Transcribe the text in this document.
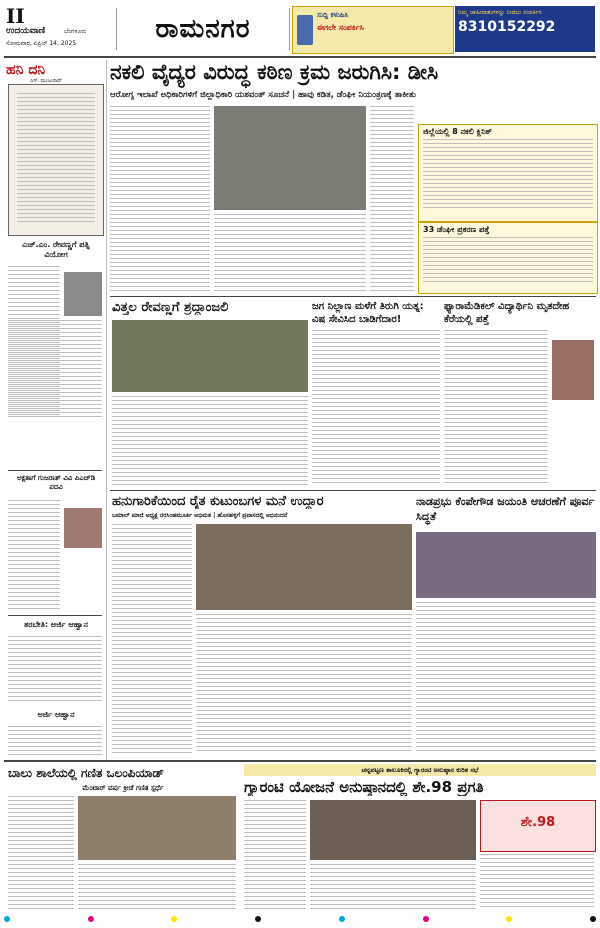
II
ಉದಯವಾಣಿ	ಬೆಂಗಳೂರು
ಸೋಮವಾರ, ಏಪ್ರಿಲ್ 14, 2025	ರಾಮನಗರ	ಸುದ್ದಿ ಕಳುಹಿಸಿ
ಈಗಲೇ ಸಂಪರ್ಕಿಸಿ
ನಿಮ್ಮ ಜಾಹೀರಾತುಗಳನ್ನು ನೀಡಲು ಸಂಪರ್ಕಿಸಿ
8310152292
ಹನಿ ದನಿ
ಎಸ್. ಮಂಜುನಾಥ್
ಎಚ್.ಎಂ. ರೇವಣ್ಣಗೆ ಪತ್ನಿ ವಿಯೋಗ
ಅಕ್ಷತಾಗೆ ಗುಜರಾತ್ ವಿವಿ ಪಿಎಚ್‌ಡಿ ಪದವಿ
ತರಬೇತಿ: ಅರ್ಜಿ ಆಹ್ವಾನ
ಅರ್ಜಿ ಆಹ್ವಾನ
ನಕಲಿ ವೈದ್ಯರ ವಿರುದ್ಧ ಕಠಿಣ ಕ್ರಮ ಜರುಗಿಸಿ: ಡೀಸಿ
ಆರೋಗ್ಯ ಇಲಾಖೆ ಅಧಿಕಾರಿಗಳಿಗೆ ಜಿಲ್ಲಾಧಿಕಾರಿ ಯಶವಂತ್ ಸೂಚನೆ | ಹಾವು ಕಡಿತ, ಡೆಂಘೀ ನಿಯಂತ್ರಣಕ್ಕೆ ತಾಕೀತು
ಜಿಲ್ಲೆಯಲ್ಲಿ 8 ನಕಲಿ ಕ್ಲಿನಿಕ್
33 ಡೆಂಘೀ ಪ್ರಕರಣ ಪತ್ತೆ
ವಿತ್ತಲ ರೇವಣ್ಣಗೆ ಶ್ರದ್ಧಾಂಜಲಿ	ಜಗ ನಿಲ್ಲಾಣ ಮಳೆಗೆ ತಿರುಗಿ ಯತ್ನ: ವಿಷ ಸೇವಿಸಿದ ಬಾಡಿಗೆದಾರ!
ಫ್ಯಾರಾಮೆಡಿಕಲ್ ವಿದ್ಯಾರ್ಥಿನಿ ಮೃತದೇಹ ಕೆರೆಯಲ್ಲಿ ಪತ್ತೆ
ಹನುಗಾರಿಕೆಯಿಂದ ರೈತ ಕುಟುಂಬಗಳ ಮನೆ ಉದ್ದಾರ
ಬಮಾಲ್ ಮಾಜಿ ಅಧ್ಯಕ್ಷ ನರಸಿಂಹಮೂರ್ತಿ ಅಭಿಮತ | ಹೊಸಹಳ್ಳಿಗೆ ಪ್ರವಾಸದಲ್ಲಿ ಅಭಿನಂದನೆ
ನಾಡಪ್ರಭು ಕೆಂಪೇಗೌಡ ಜಯಂತಿ ಆಚರಣೆಗೆ ಪೂರ್ವ ಸಿದ್ಧತೆ
ಬಾಲು ಶಾಲೆಯಲ್ಲಿ ಗಣಿತ ಒಲಂಪಿಯಾಡ್
ಮೆಂಟಾರ್ ವರ್ಷ ಕ್ರೀಡೆ ಗಣಿತ ಸ್ಪರ್ಧೆ
ಚನ್ನಪಟ್ಟಣ ತಾಲೂಕಿನಲ್ಲಿ ಗ್ಯಾರಂಟಿ ಅನುಷ್ಠಾನ ಕುರಿತ ಸಭೆ
ಗ್ಯಾರಂಟಿ ಯೋಜನೆ ಅನುಷ್ಠಾನದಲ್ಲಿ ಶೇ.98 ಪ್ರಗತಿ
ಶೇ.98
